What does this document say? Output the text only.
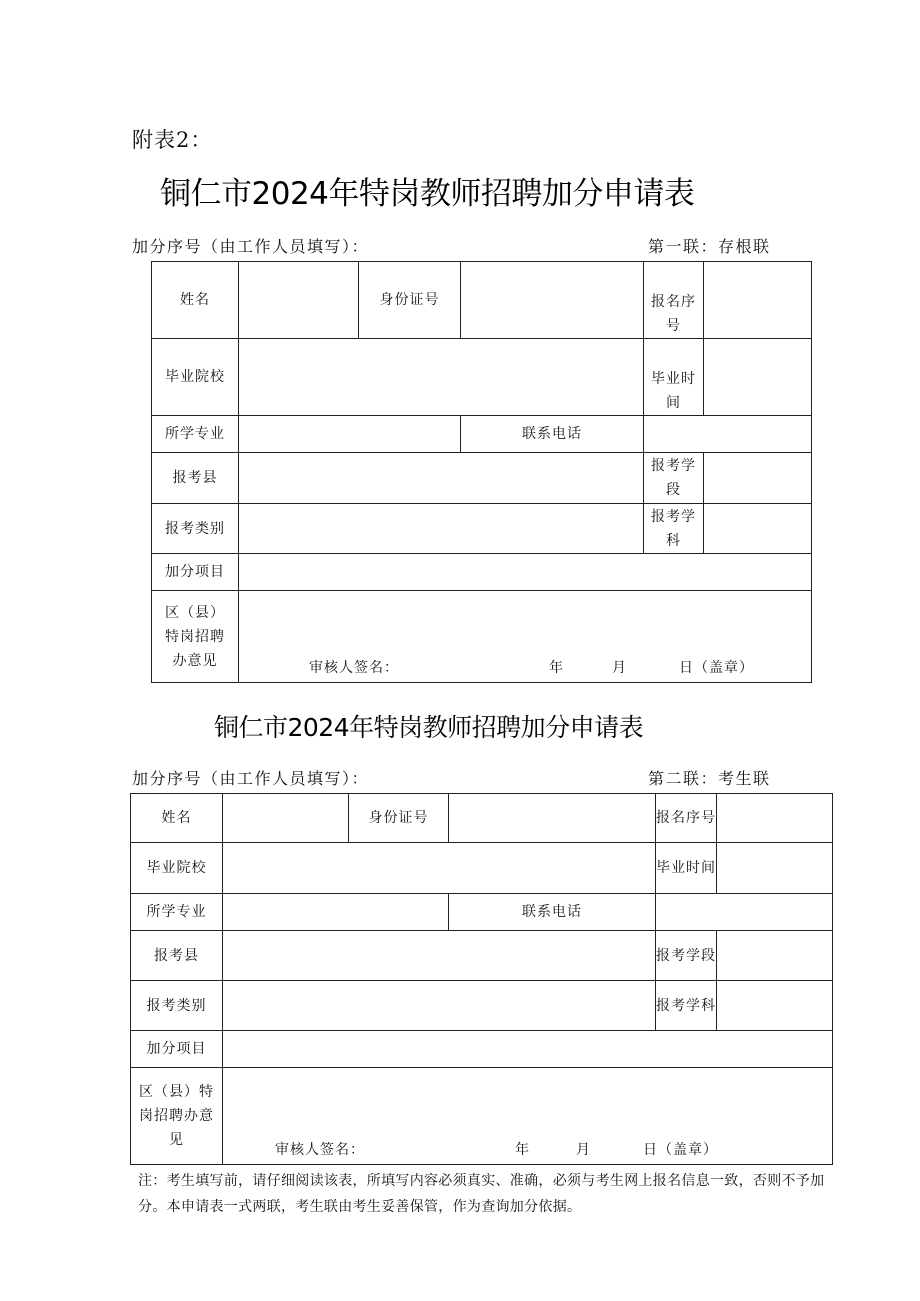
附表2：
铜仁市2024年特岗教师招聘加分申请表
加分序号（由工作人员填写）：	第一联：存根联
姓名		身份证号		报名序号	
毕业院校				毕业时间	
所学专业			联系电话		
报考县				报考学段	
报考类别				报考学科	
加分项目					
区（县）特岗招聘办意见	审核人签名： 年 月 日（盖章）				
铜仁市2024年特岗教师招聘加分申请表
加分序号（由工作人员填写）：	第二联：考生联
姓名		身份证号		报名序号	
毕业院校				毕业时间	
所学专业			联系电话		
报考县				报考学段	
报考类别				报考学科	
加分项目					
区（县）特岗招聘办意见	审核人签名： 年 月 日（盖章）				
注：考生填写前，请仔细阅读该表，所填写内容必须真实、准确，必须与考生网上报名信息一致，否则不予加分。本申请表一式两联，考生联由考生妥善保管，作为查询加分依据。
